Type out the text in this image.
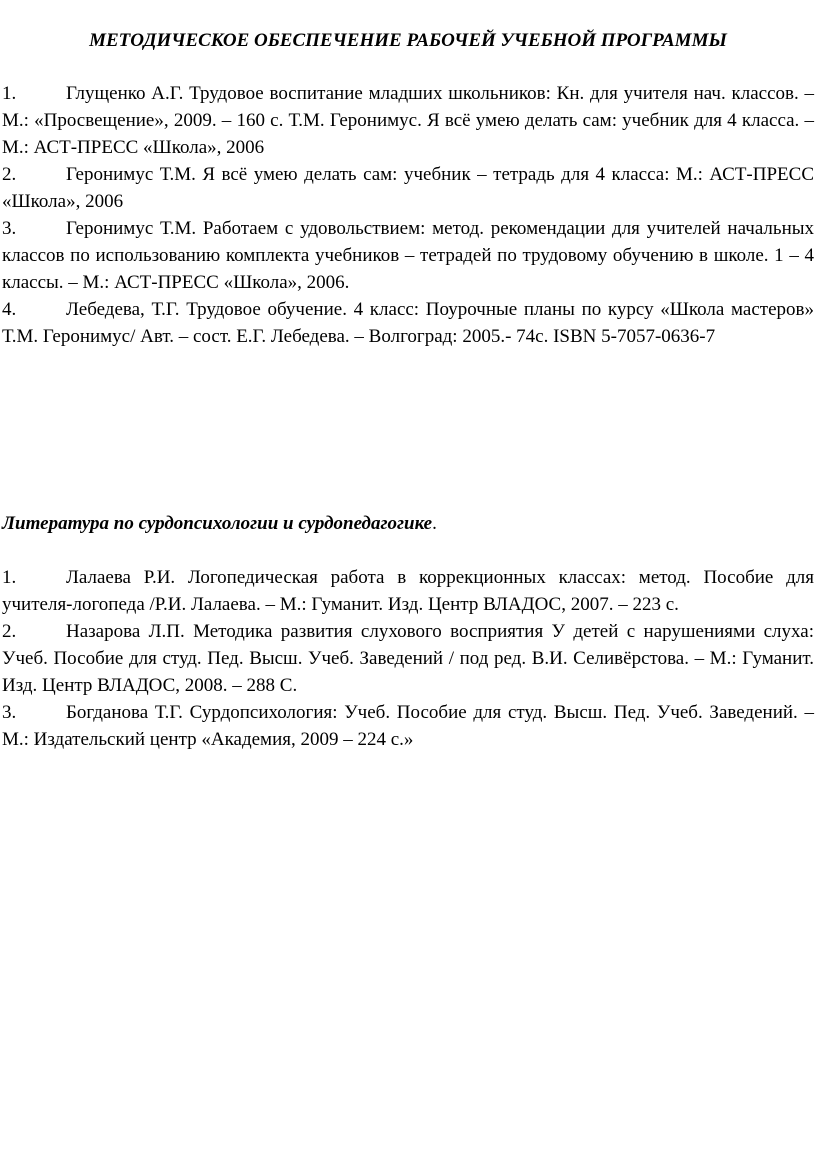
МЕТОДИЧЕСКОЕ ОБЕСПЕЧЕНИЕ РАБОЧЕЙ УЧЕБНОЙ ПРОГРАММЫ
1.	Глущенко А.Г. Трудовое воспитание младших школьников: Кн. для учителя нач. классов. – М.: «Просвещение», 2009. – 160 с. Т.М. Геронимус. Я всё умею делать сам: учебник для 4 класса. – М.: АСТ-ПРЕСС «Школа», 2006
2.	Геронимус Т.М. Я всё умею делать сам: учебник – тетрадь для 4 класса: М.: АСТ-ПРЕСС «Школа», 2006
3.	Геронимус Т.М. Работаем с удовольствием: метод. рекомендации для учителей начальных классов по использованию комплекта учебников – тетрадей по трудовому обучению в школе. 1 – 4 классы. – М.: АСТ-ПРЕСС «Школа», 2006.
4.	Лебедева, Т.Г. Трудовое обучение. 4 класс: Поурочные планы по курсу «Школа мастеров» Т.М. Геронимус/ Авт. – сост. Е.Г. Лебедева. – Волгоград: 2005.- 74с. ISBN 5-7057-0636-7
Литература по сурдопсихологии и сурдопедагогике.
1.	Лалаева Р.И. Логопедическая работа в коррекционных классах: метод. Пособие для учителя-логопеда /Р.И. Лалаева. – М.: Гуманит. Изд. Центр ВЛАДОС, 2007. – 223 с.
2.	Назарова Л.П. Методика развития слухового восприятия У детей с нарушениями слуха: Учеб. Пособие для студ. Пед. Высш. Учеб. Заведений / под ред. В.И. Селивёрстова. – М.: Гуманит. Изд. Центр ВЛАДОС, 2008. – 288 С.
3.	Богданова Т.Г. Сурдопсихология: Учеб. Пособие для студ. Высш. Пед. Учеб. Заведений. – М.: Издательский центр «Академия, 2009 – 224 с.»
